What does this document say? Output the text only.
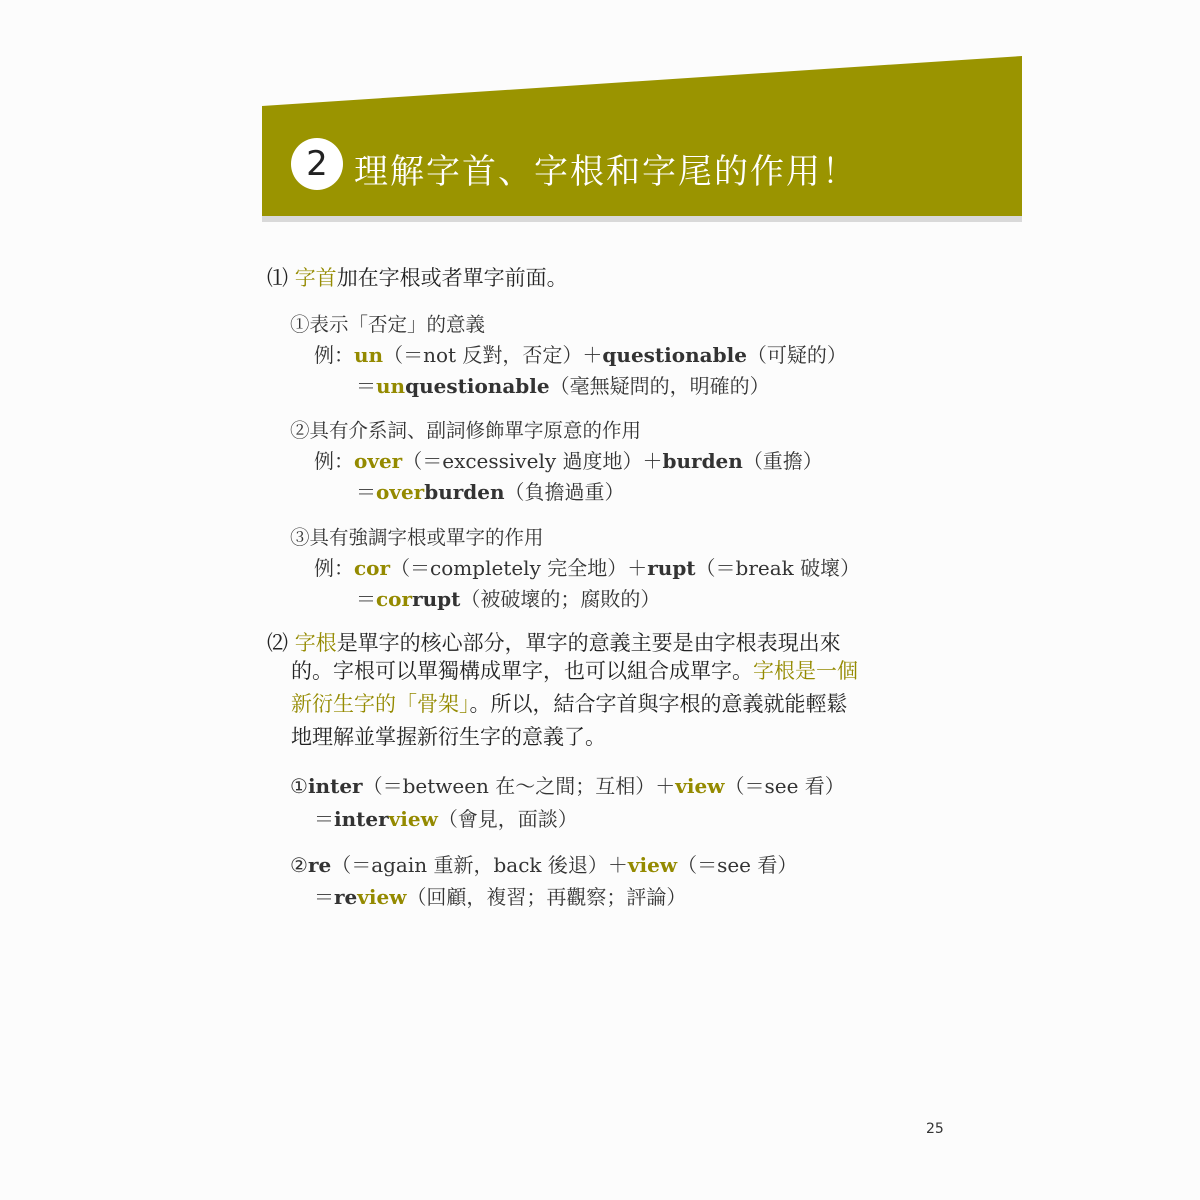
2 理解字首、字根和字尾的作用！
⑴ 字首加在字根或者單字前面。
①表示「否定」的意義
例：un（＝not 反對，否定）＋questionable（可疑的）
＝unquestionable（毫無疑問的，明確的）
②具有介系詞、副詞修飾單字原意的作用
例：over（＝excessively 過度地）＋burden（重擔）
＝overburden（負擔過重）
③具有強調字根或單字的作用
例：cor（＝completely 完全地）＋rupt（＝break 破壞）
＝corrupt（被破壞的；腐敗的）
⑵ 字根是單字的核心部分，單字的意義主要是由字根表現出來
的。字根可以單獨構成單字，也可以組合成單字。字根是一個
新衍生字的「骨架」。所以，結合字首與字根的意義就能輕鬆
地理解並掌握新衍生字的意義了。
①inter（＝between 在～之間；互相）＋view（＝see 看）
＝interview（會見，面談）
②re（＝again 重新，back 後退）＋view（＝see 看）
＝review（回顧，複習；再觀察；評論）
25
